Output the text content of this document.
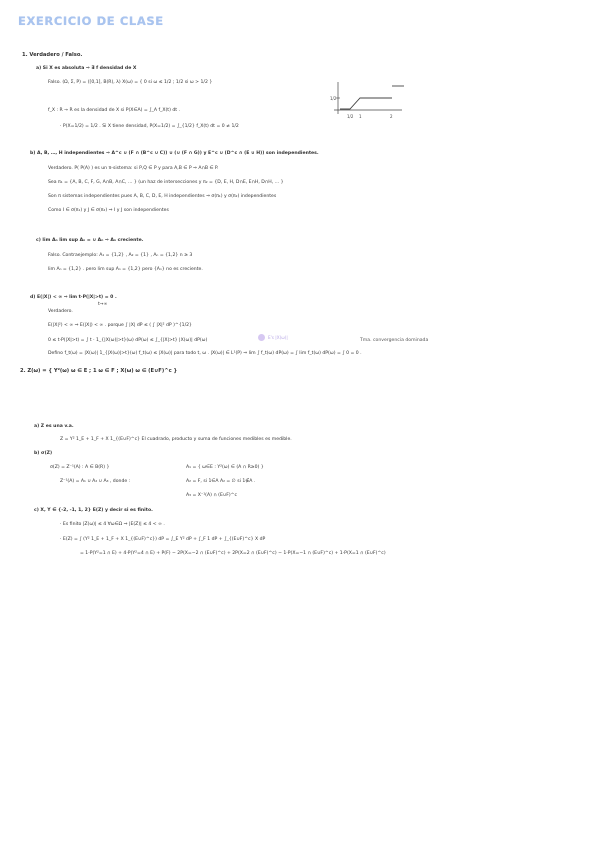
EXERCICIO DE CLASE
1. Verdadero / Falso.
a) Si X es absoluta ⇒ ∃ f densidad de X
Falso. (Ω, Σ, P) = ([0,1], B(R), λ) X(ω) = { 0 si ω ≤ 1/2 ; 1/2 si ω > 1/2 }
f_X : R → R es la densidad de X si P(X∈A) = ∫_A f_X(t) dt .
· P(X=1/2) = 1/2 . Si X tiene densidad, P(X=1/2) = ∫_{1/2} f_X(t) dt = 0 ≠ 1/2
b) A, B, …, H independientes ⇒ A^c ∪ (F ∩ (B^c ∪ C)) ∪ (∪ (F ∩ G)) y E^c ∪ (D^c ∩ (E ∪ H)) son independientes.
Verdadero. P( P(A) ) es un π-sistema: si P,Q ∈ P y para A,B ∈ P ⇒ A∩B ∈ P.
Sea π₁ = {A, B, C, F, G, A∩B, A∩C, … } (un haz de intersecciones y π₂ = {D, E, H, D∩E, E∩H, D∩H, … }
Son π sistemas independientes pues A, B, C, D, E, H independientes ⇒ σ(π₁) y σ(π₂) independientes
Como I ∈ σ(π₁) y J ∈ σ(π₂) ⇒ I y J son independientes
c) lim Aₙ lim sup Aₙ = ∪ Aₙ ⇒ Aₙ creciente.
Falso. Contraejemplo: A₁ = {1,2} , A₂ = {1} , Aₙ = {1,2} n ≥ 3
lim Aₙ = {1,2} . pero lim sup Aₙ = {1,2} pero {Aₙ} no es creciente.
d) E(|X|) < ∞ ⇒ lim t·P(|X|>t) = 0 .
t→∞
Verdadero.
E(|X|²) < ∞ ⇒ E(|X|) < ∞ . porque ∫ |X| dP ≤ ( ∫ |X|² dP )^{1/2}
0 ≤ t·P(|X|>t) = ∫ t · 1_{|X(ω)|>t}(ω) dP(ω) ≤ ∫_{|X|>t} |X(ω)| dP(ω)	Tma. convergencia dominada
Defino f_t(ω) = |X(ω)| 1_{|X(ω)|>t}(ω) f_t(ω) ≤ |X(ω)| para todo t, ω . |X(ω)| ∈ L¹(P) ⇒ lim ∫ f_t(ω) dP(ω) = ∫ lim f_t(ω) dP(ω) = ∫ 0 = 0 .
2. Z(ω) = { Y²(ω) ω ∈ E ; 1 ω ∈ F ; X(ω) ω ∈ (E∪F)^c }
a) Z es una v.a.
Z = Y² 1_E + 1_F + X 1_{(E∪F)^c} El cuadrado, producto y suma de funciones medibles es medible.
b) σ(Z)
σ(Z) = Z⁻¹(A) : A ∈ B(R) }	A₁ = { ω∈E : Y²(ω) ∈ (A ∩ R≥0) }
Z⁻¹(A) = A₁ ∪ A₂ ∪ A₃ , donde :	A₂ = F, si 1∈A A₂ = ∅ si 1∉A .
A₃ = X⁻¹(A) ∩ (E∪F)^c
c) X, Y ∈ {-2, -1, 1, 2} E(Z) y decir si es finito.
· Es finito |Z(ω)| ≤ 4 ∀ω∈Ω ⇒ |E(Z)| ≤ 4 < ∞ .
· E(Z) = ∫ (Y² 1_E + 1_F + X 1_{(E∪F)^c}) dP = ∫_E Y² dP + ∫_F 1 dP + ∫_{(E∪F)^c} X dP
= 1·P(Y²=1 ∩ E) + 4·P(Y²=4 ∩ E) + P(F) − 2P(X=−2 ∩ (E∪F)^c) + 2P(X=2 ∩ (E∪F)^c) − 1·P(X=−1 ∩ (E∪F)^c) + 1·P(X=1 ∩ (E∪F)^c)
E's |X(ω)|
1/2
1/2 1	2
